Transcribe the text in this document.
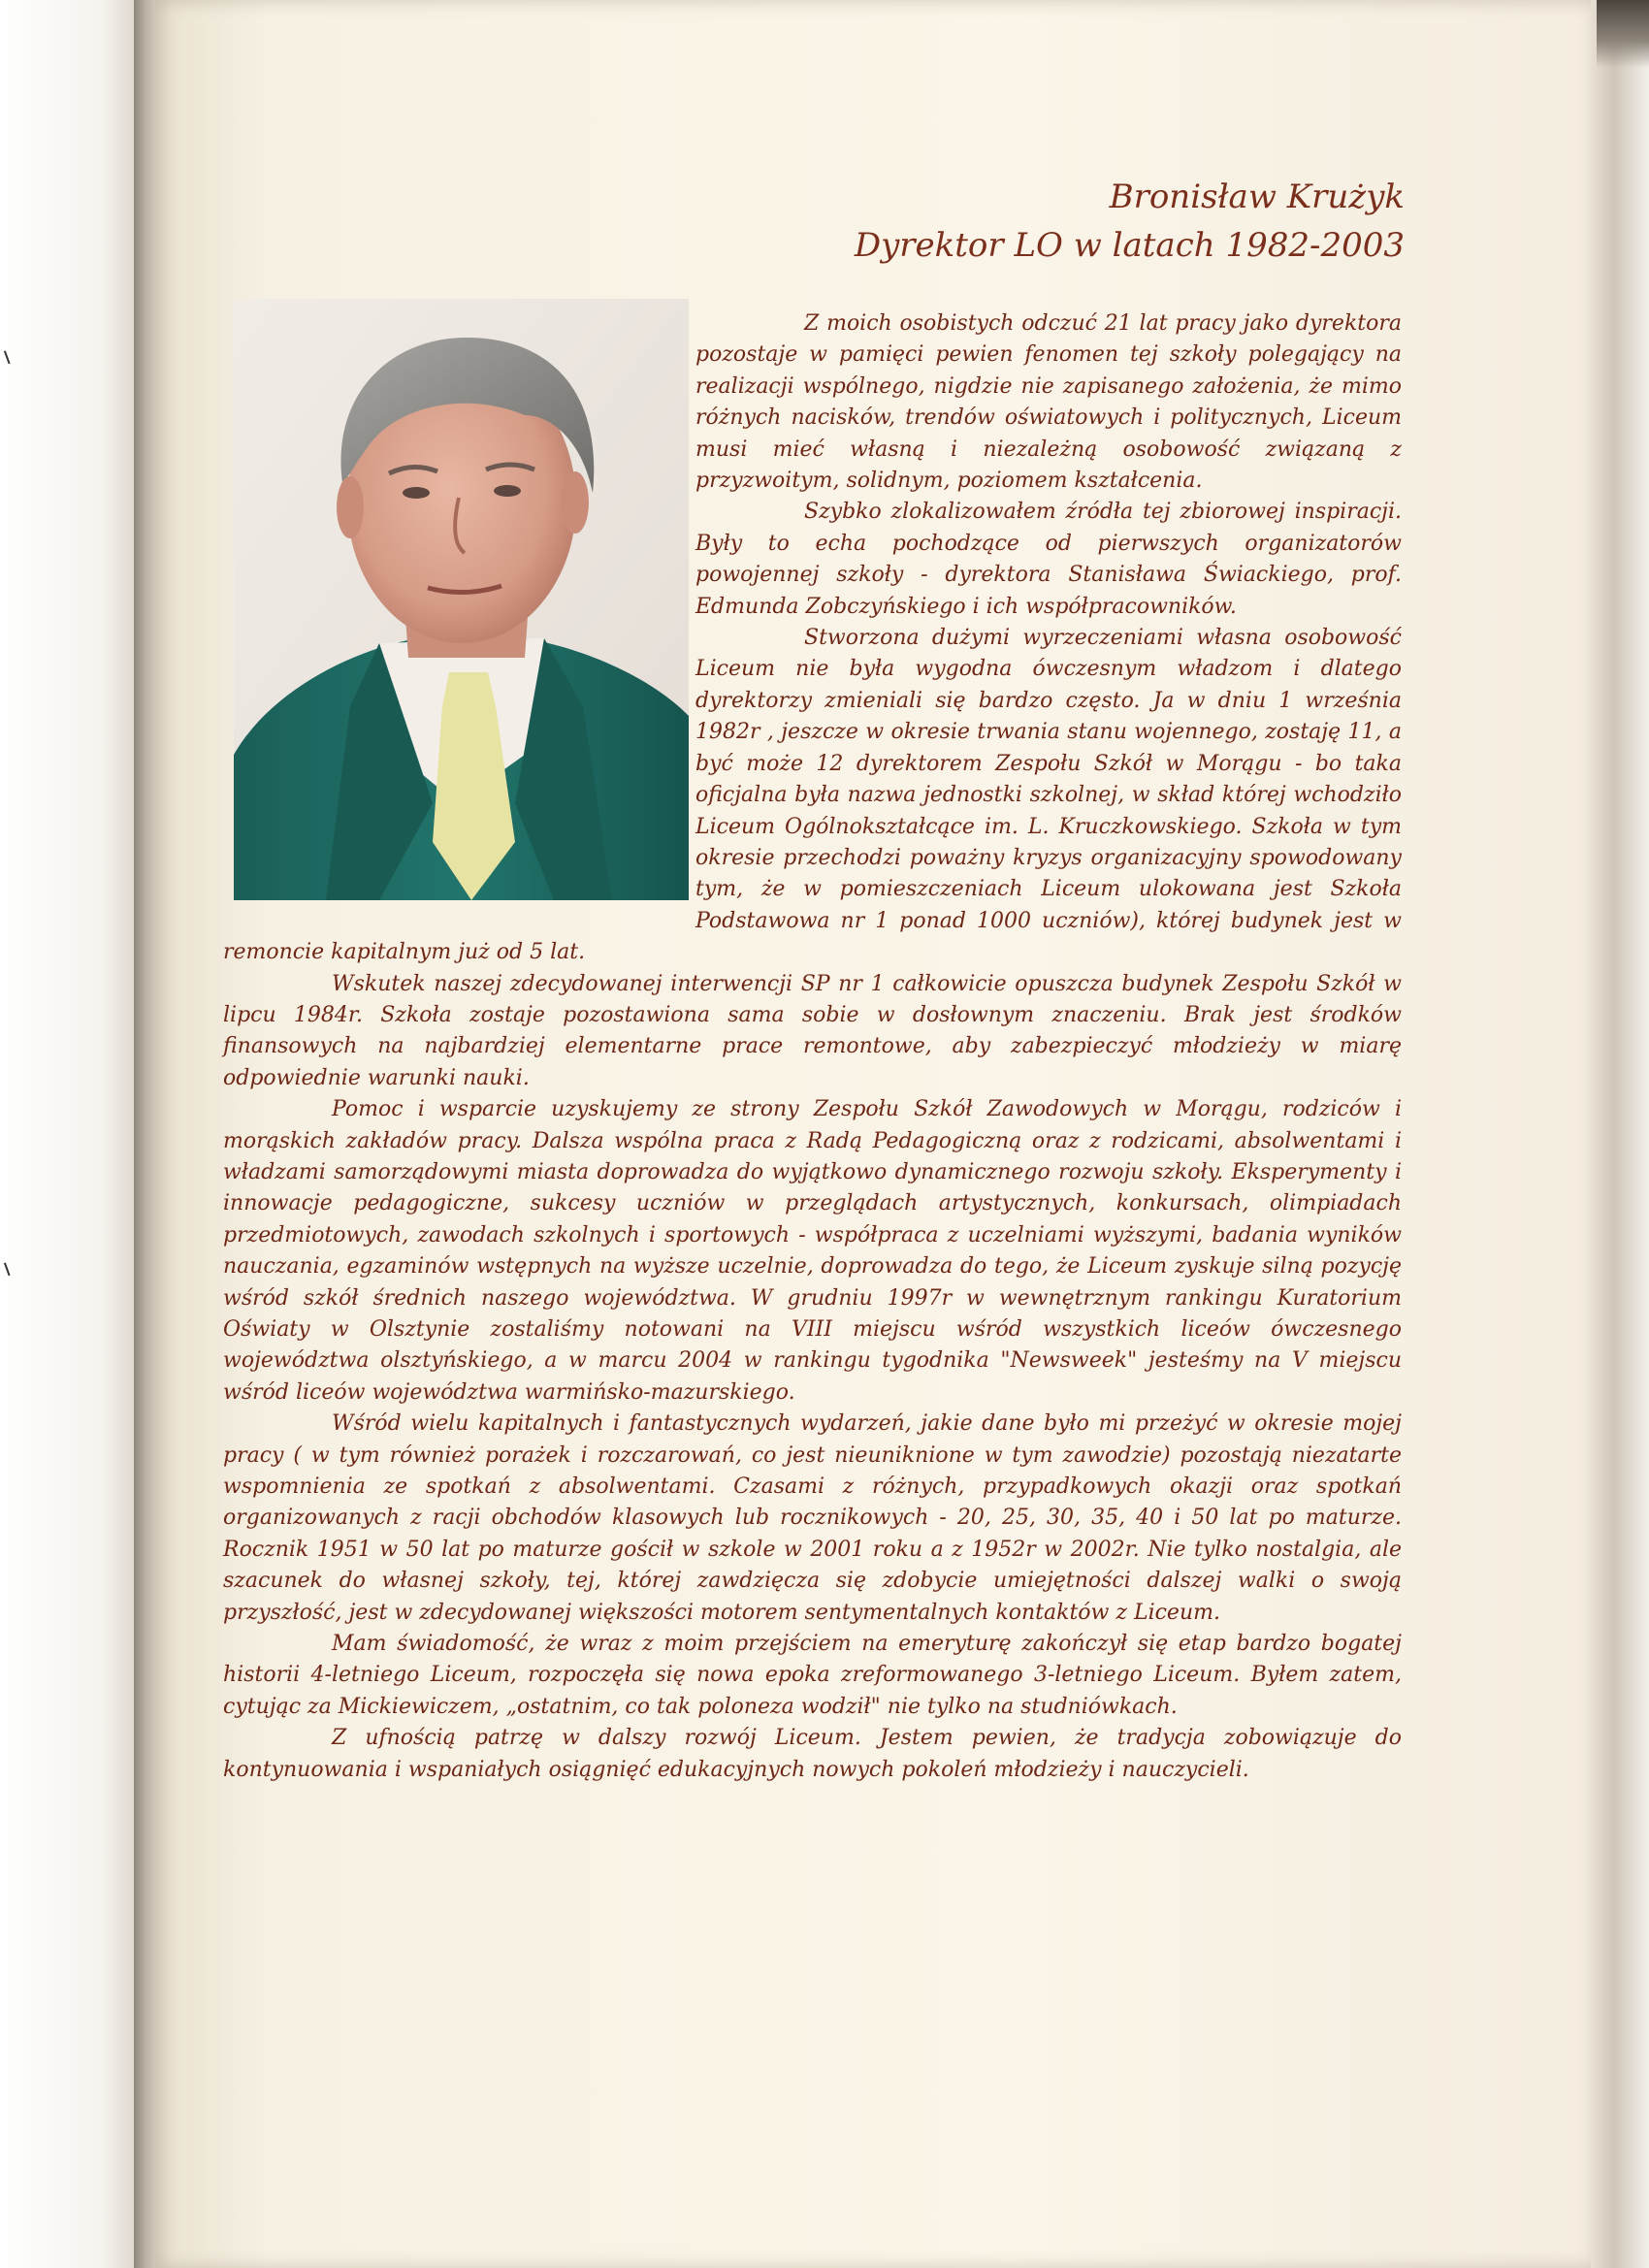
Bronisław Krużyk
Dyrektor LO w latach 1982-2003

Z moich osobistych odczuć 21 lat pracy jako dyrektora pozostaje w pamięci pewien fenomen tej szkoły polegający na realizacji wspólnego, nigdzie nie zapisanego założenia, że mimo różnych nacisków, trendów oświatowych i politycznych, Liceum musi mieć własną i niezależną osobowość związaną z przyzwoitym, solidnym, poziomem kształcenia.

Szybko zlokalizowałem źródła tej zbiorowej inspiracji. Były to echa pochodzące od pierwszych organizatorów powojennej szkoły - dyrektora Stanisława Świackiego, prof. Edmunda Zobczyńskiego i ich współpracowników.

Stworzona dużymi wyrzeczeniami własna osobowość Liceum nie była wygodna ówczesnym władzom i dlatego dyrektorzy zmieniali się bardzo często. Ja w dniu 1 września 1982r , jeszcze w okresie trwania stanu wojennego, zostaję 11, a być może 12 dyrektorem Zespołu Szkół w Morągu - bo taka oficjalna była nazwa jednostki szkolnej, w skład której wchodziło Liceum Ogólnokształcące im. L. Kruczkowskiego. Szkoła w tym okresie przechodzi poważny kryzys organizacyjny spowodowany tym, że w pomieszczeniach Liceum ulokowana jest Szkoła Podstawowa nr 1 ponad 1000 uczniów), której budynek jest w remoncie kapitalnym już od 5 lat.

Wskutek naszej zdecydowanej interwencji SP nr 1 całkowicie opuszcza budynek Zespołu Szkół w lipcu 1984r. Szkoła zostaje pozostawiona sama sobie w dosłownym znaczeniu. Brak jest środków finansowych na najbardziej elementarne prace remontowe, aby zabezpieczyć młodzieży w miarę odpowiednie warunki nauki.

Pomoc i wsparcie uzyskujemy ze strony Zespołu Szkół Zawodowych w Morągu, rodziców i morąskich zakładów pracy. Dalsza wspólna praca z Radą Pedagogiczną oraz z rodzicami, absolwentami i władzami samorządowymi miasta doprowadza do wyjątkowo dynamicznego rozwoju szkoły. Eksperymenty i innowacje pedagogiczne, sukcesy uczniów w przeglądach artystycznych, konkursach, olimpiadach przedmiotowych, zawodach szkolnych i sportowych - współpraca z uczelniami wyższymi, badania wyników nauczania, egzaminów wstępnych na wyższe uczelnie, doprowadza do tego, że Liceum zyskuje silną pozycję wśród szkół średnich naszego województwa. W grudniu 1997r w wewnętrznym rankingu Kuratorium Oświaty w Olsztynie zostaliśmy notowani na VIII miejscu wśród wszystkich liceów ówczesnego województwa olsztyńskiego, a w marcu 2004 w rankingu tygodnika "Newsweek" jesteśmy na V miejscu wśród liceów województwa warmińsko-mazurskiego.

Wśród wielu kapitalnych i fantastycznych wydarzeń, jakie dane było mi przeżyć w okresie mojej pracy ( w tym również porażek i rozczarowań, co jest nieuniknione w tym zawodzie) pozostają niezatarte wspomnienia ze spotkań z absolwentami. Czasami z różnych, przypadkowych okazji oraz spotkań organizowanych z racji obchodów klasowych lub rocznikowych - 20, 25, 30, 35, 40 i 50 lat po maturze. Rocznik 1951 w 50 lat po maturze gościł w szkole w 2001 roku a z 1952r w 2002r. Nie tylko nostalgia, ale szacunek do własnej szkoły, tej, której zawdzięcza się zdobycie umiejętności dalszej walki o swoją przyszłość, jest w zdecydowanej większości motorem sentymentalnych kontaktów z Liceum.

Mam świadomość, że wraz z moim przejściem na emeryturę zakończył się etap bardzo bogatej historii 4-letniego Liceum, rozpoczęła się nowa epoka zreformowanego 3-letniego Liceum. Byłem zatem, cytując za Mickiewiczem, „ostatnim, co tak poloneza wodził" nie tylko na studniówkach.

Z ufnością patrzę w dalszy rozwój Liceum. Jestem pewien, że tradycja zobowiązuje do kontynuowania i wspaniałych osiągnięć edukacyjnych nowych pokoleń młodzieży i nauczycieli.
